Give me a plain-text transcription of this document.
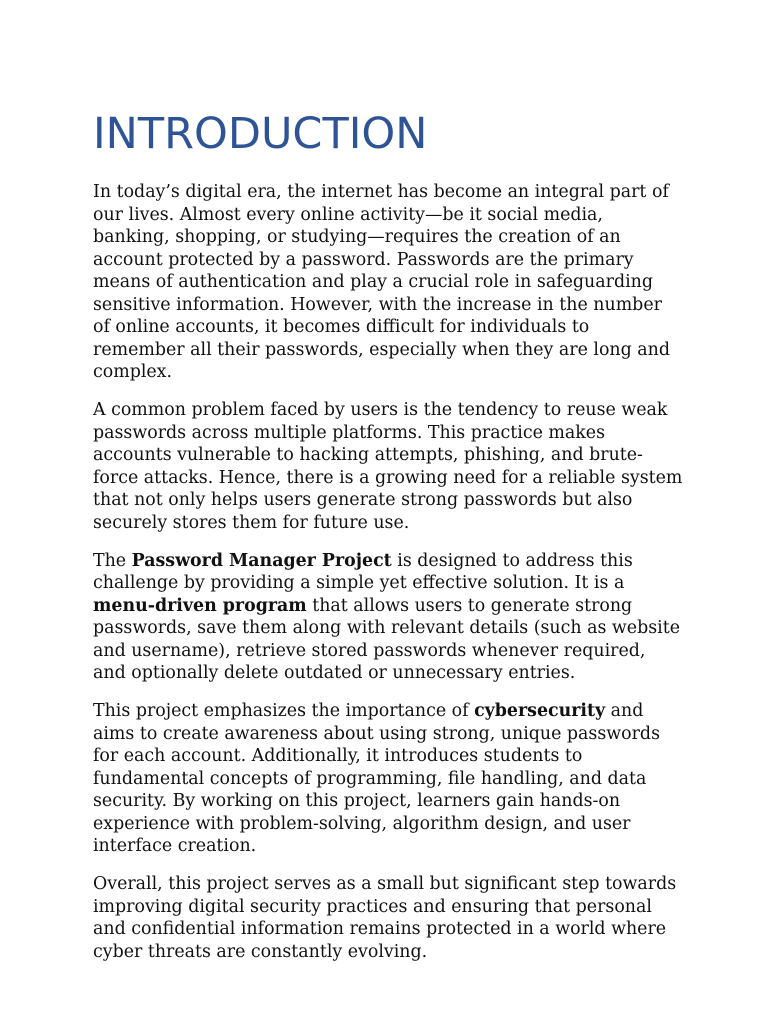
INTRODUCTION

In today’s digital era, the internet has become an integral part of our lives. Almost every online activity—be it social media, banking, shopping, or studying—requires the creation of an account protected by a password. Passwords are the primary means of authentication and play a crucial role in safeguarding sensitive information. However, with the increase in the number of online accounts, it becomes difficult for individuals to remember all their passwords, especially when they are long and complex.

A common problem faced by users is the tendency to reuse weak passwords across multiple platforms. This practice makes accounts vulnerable to hacking attempts, phishing, and brute-force attacks. Hence, there is a growing need for a reliable system that not only helps users generate strong passwords but also securely stores them for future use.

The Password Manager Project is designed to address this challenge by providing a simple yet effective solution. It is a menu-driven program that allows users to generate strong passwords, save them along with relevant details (such as website and username), retrieve stored passwords whenever required, and optionally delete outdated or unnecessary entries.

This project emphasizes the importance of cybersecurity and aims to create awareness about using strong, unique passwords for each account. Additionally, it introduces students to fundamental concepts of programming, file handling, and data security. By working on this project, learners gain hands-on experience with problem-solving, algorithm design, and user interface creation.

Overall, this project serves as a small but significant step towards improving digital security practices and ensuring that personal and confidential information remains protected in a world where cyber threats are constantly evolving.
